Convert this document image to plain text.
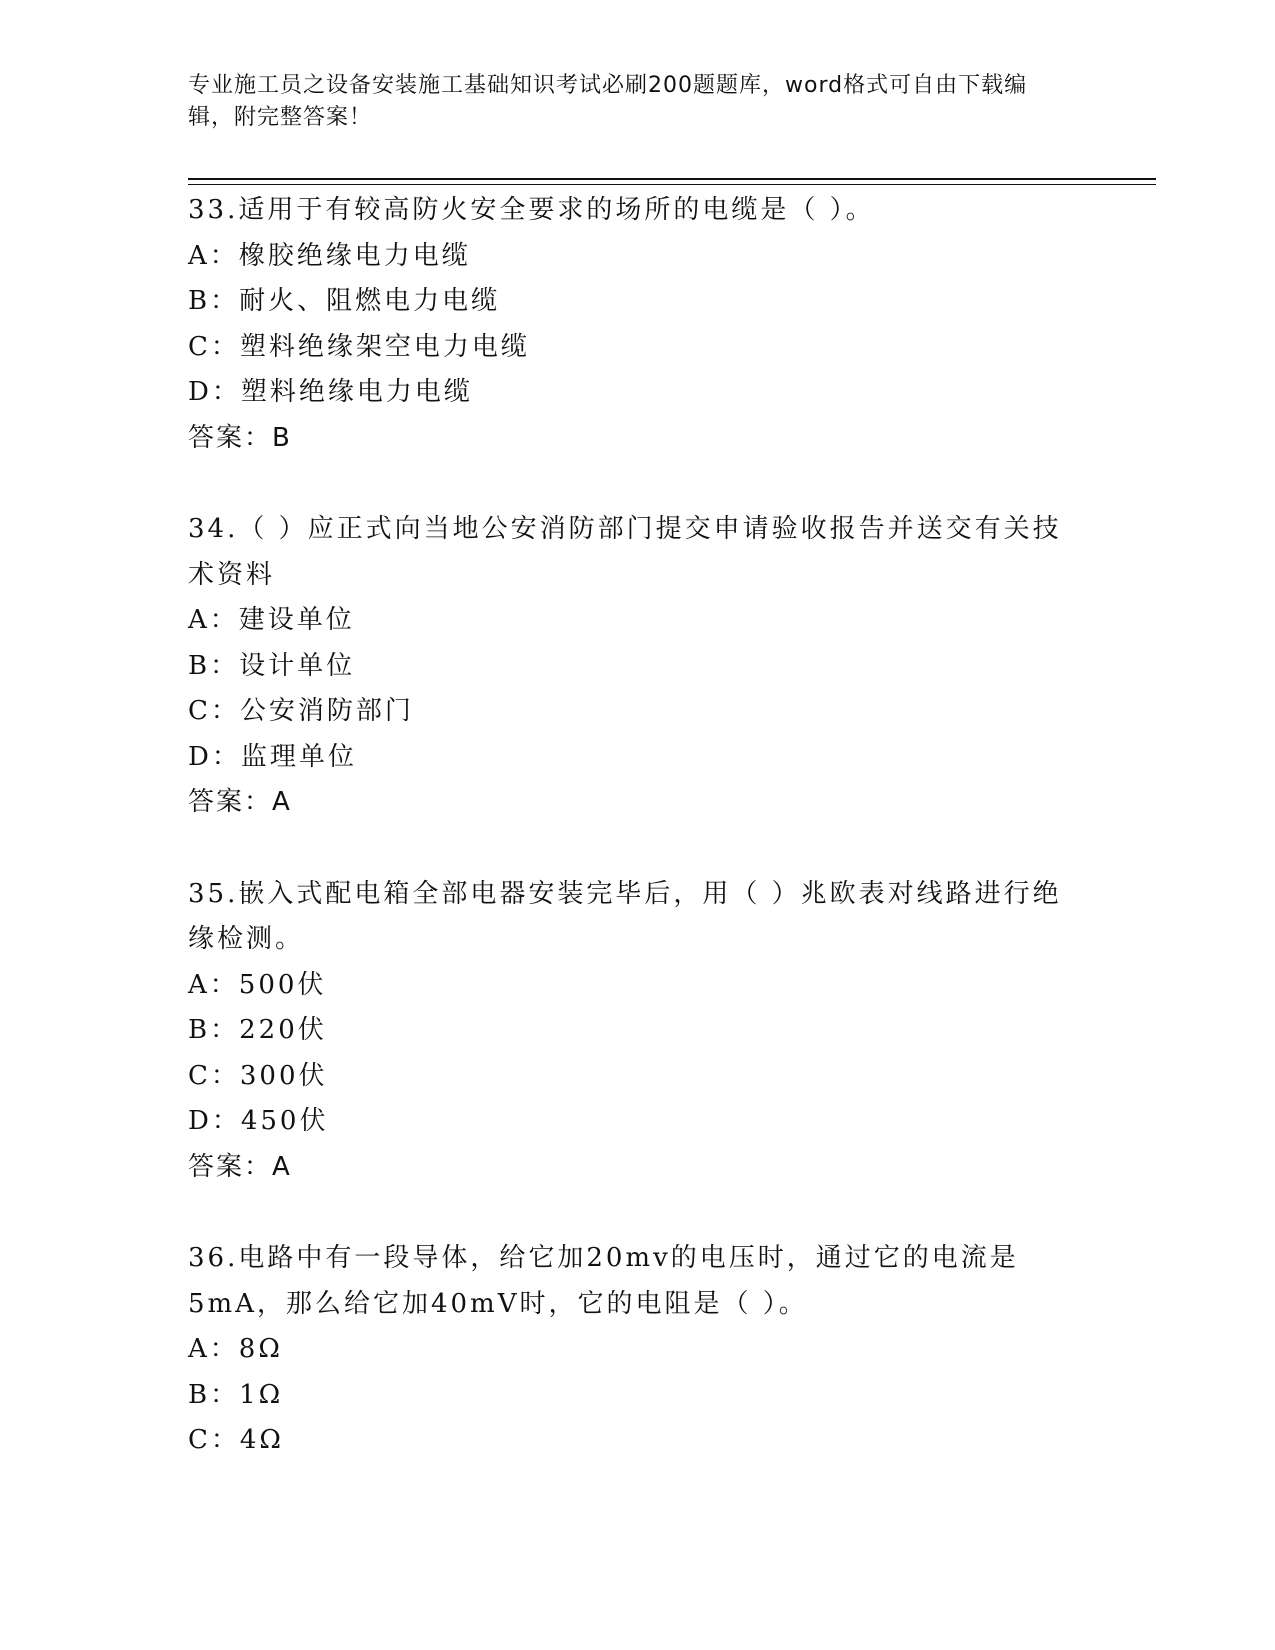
专业施工员之设备安装施工基础知识考试必刷200题题库，word格式可自由下载编辑，附完整答案！

33.适用于有较高防火安全要求的场所的电缆是（ ）。

A：橡胶绝缘电力电缆

B：耐火、阻燃电力电缆

C：塑料绝缘架空电力电缆

D：塑料绝缘电力电缆

答案：B

34.（ ）应正式向当地公安消防部门提交申请验收报告并送交有关技术资料

A：建设单位

B：设计单位

C：公安消防部门

D：监理单位

答案：A

35.嵌入式配电箱全部电器安装完毕后，用（ ）兆欧表对线路进行绝缘检测。

A：500伏

B：220伏

C：300伏

D：450伏

答案：A

36.电路中有一段导体，给它加20mv的电压时，通过它的电流是5mA，那么给它加40mV时，它的电阻是（ ）。

A：8Ω

B：1Ω

C：4Ω
